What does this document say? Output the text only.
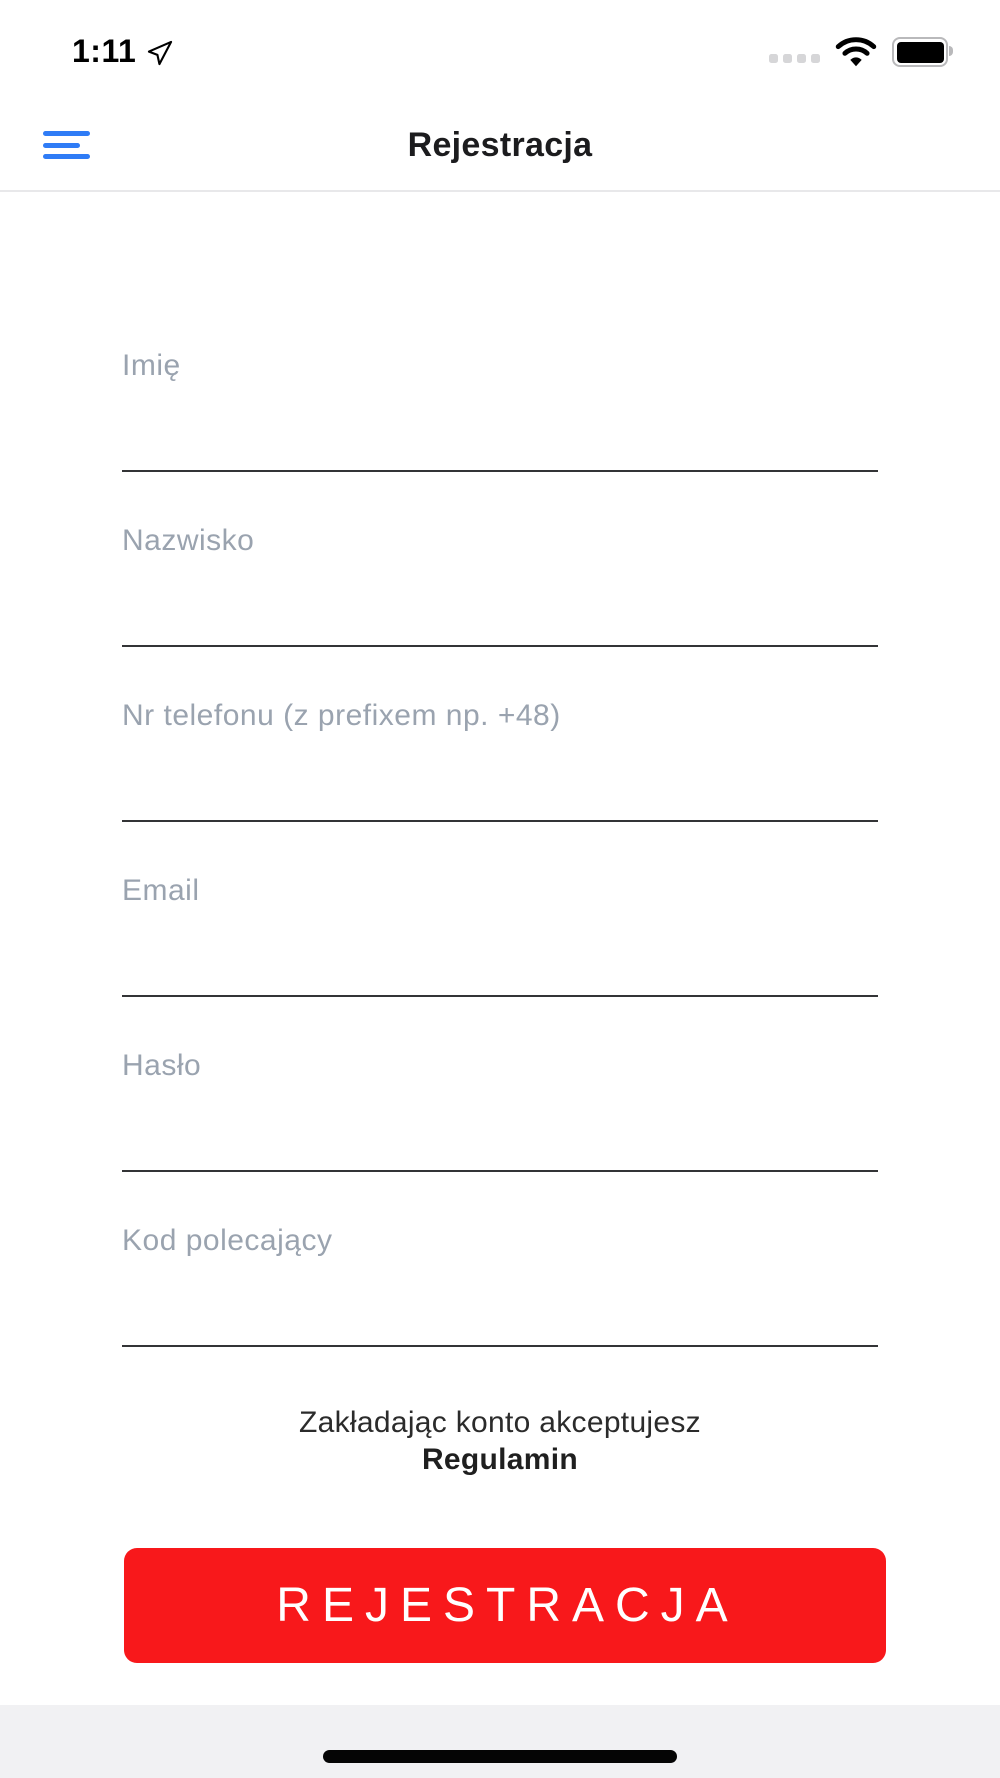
1:11
Rejestracja
Imię
Nazwisko
Nr telefonu (z prefixem np. +48)
Email
Hasło
Kod polecający
Zakładając konto akceptujesz
Regulamin
REJESTRACJA
